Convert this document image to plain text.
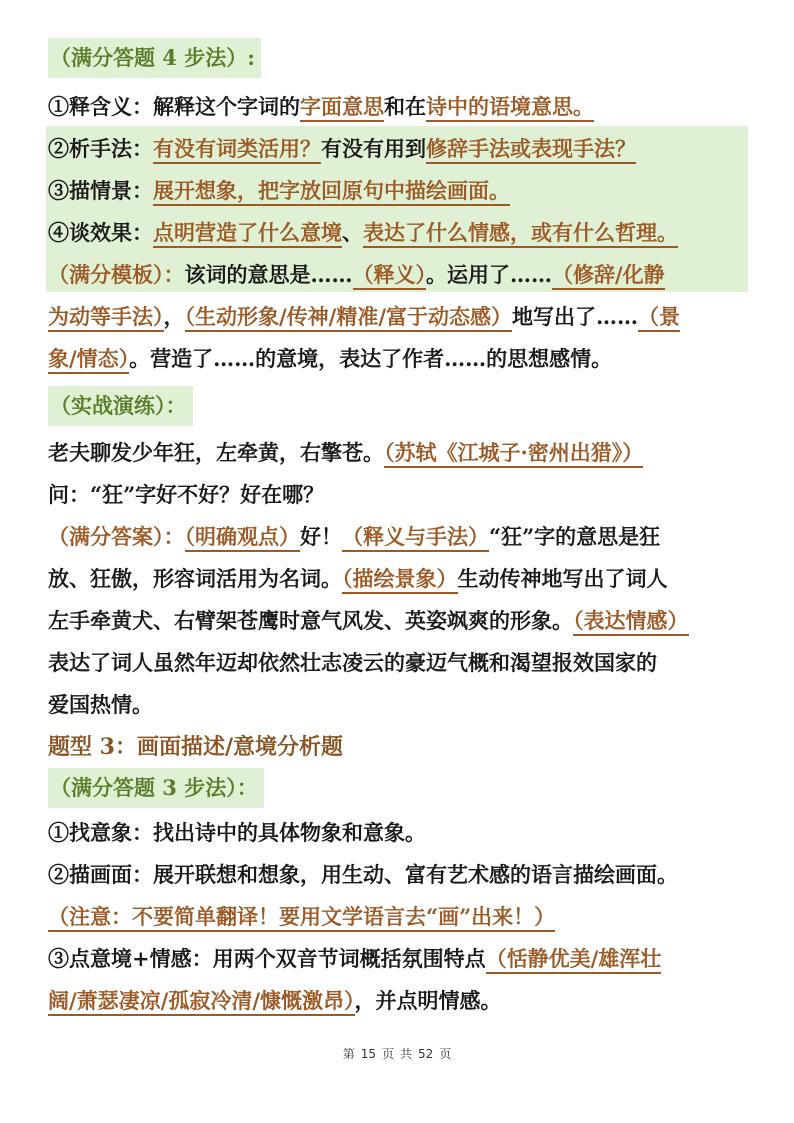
（满分答题 4 步法）:
①释含义：解释这个字词的字面意思和在诗中的语境意思。
②析手法：有没有词类活用？有没有用到修辞手法或表现手法？
③描情景：展开想象，把字放回原句中描绘画面。
④谈效果：点明营造了什么意境、表达了什么情感，或有什么哲理。
（满分模板）：该词的意思是……（释义）。运用了……（修辞/化静
为动等手法），（生动形象/传神/精准/富于动态感）地写出了……（景
象/情态）。营造了……的意境，表达了作者……的思想感情。
（实战演练）：
老夫聊发少年狂，左牵黄，右擎苍。（苏轼《江城子·密州出猎》）
问：“狂”字好不好？好在哪？
（满分答案）：（明确观点）好！（释义与手法）“狂”字的意思是狂
放、狂傲，形容词活用为名词。（描绘景象）生动传神地写出了词人
左手牵黄犬、右臂架苍鹰时意气风发、英姿飒爽的形象。（表达情感）
表达了词人虽然年迈却依然壮志凌云的豪迈气概和渴望报效国家的
爱国热情。
题型 3：画面描述/意境分析题
（满分答题 3 步法）：
①找意象：找出诗中的具体物象和意象。
②描画面：展开联想和想象，用生动、富有艺术感的语言描绘画面。
（注意：不要简单翻译！要用文学语言去“画”出来！）
③点意境+情感：用两个双音节词概括氛围特点（恬静优美/雄浑壮
阔/萧瑟凄凉/孤寂冷清/慷慨激昂），并点明情感。
第 15 页 共 52 页
